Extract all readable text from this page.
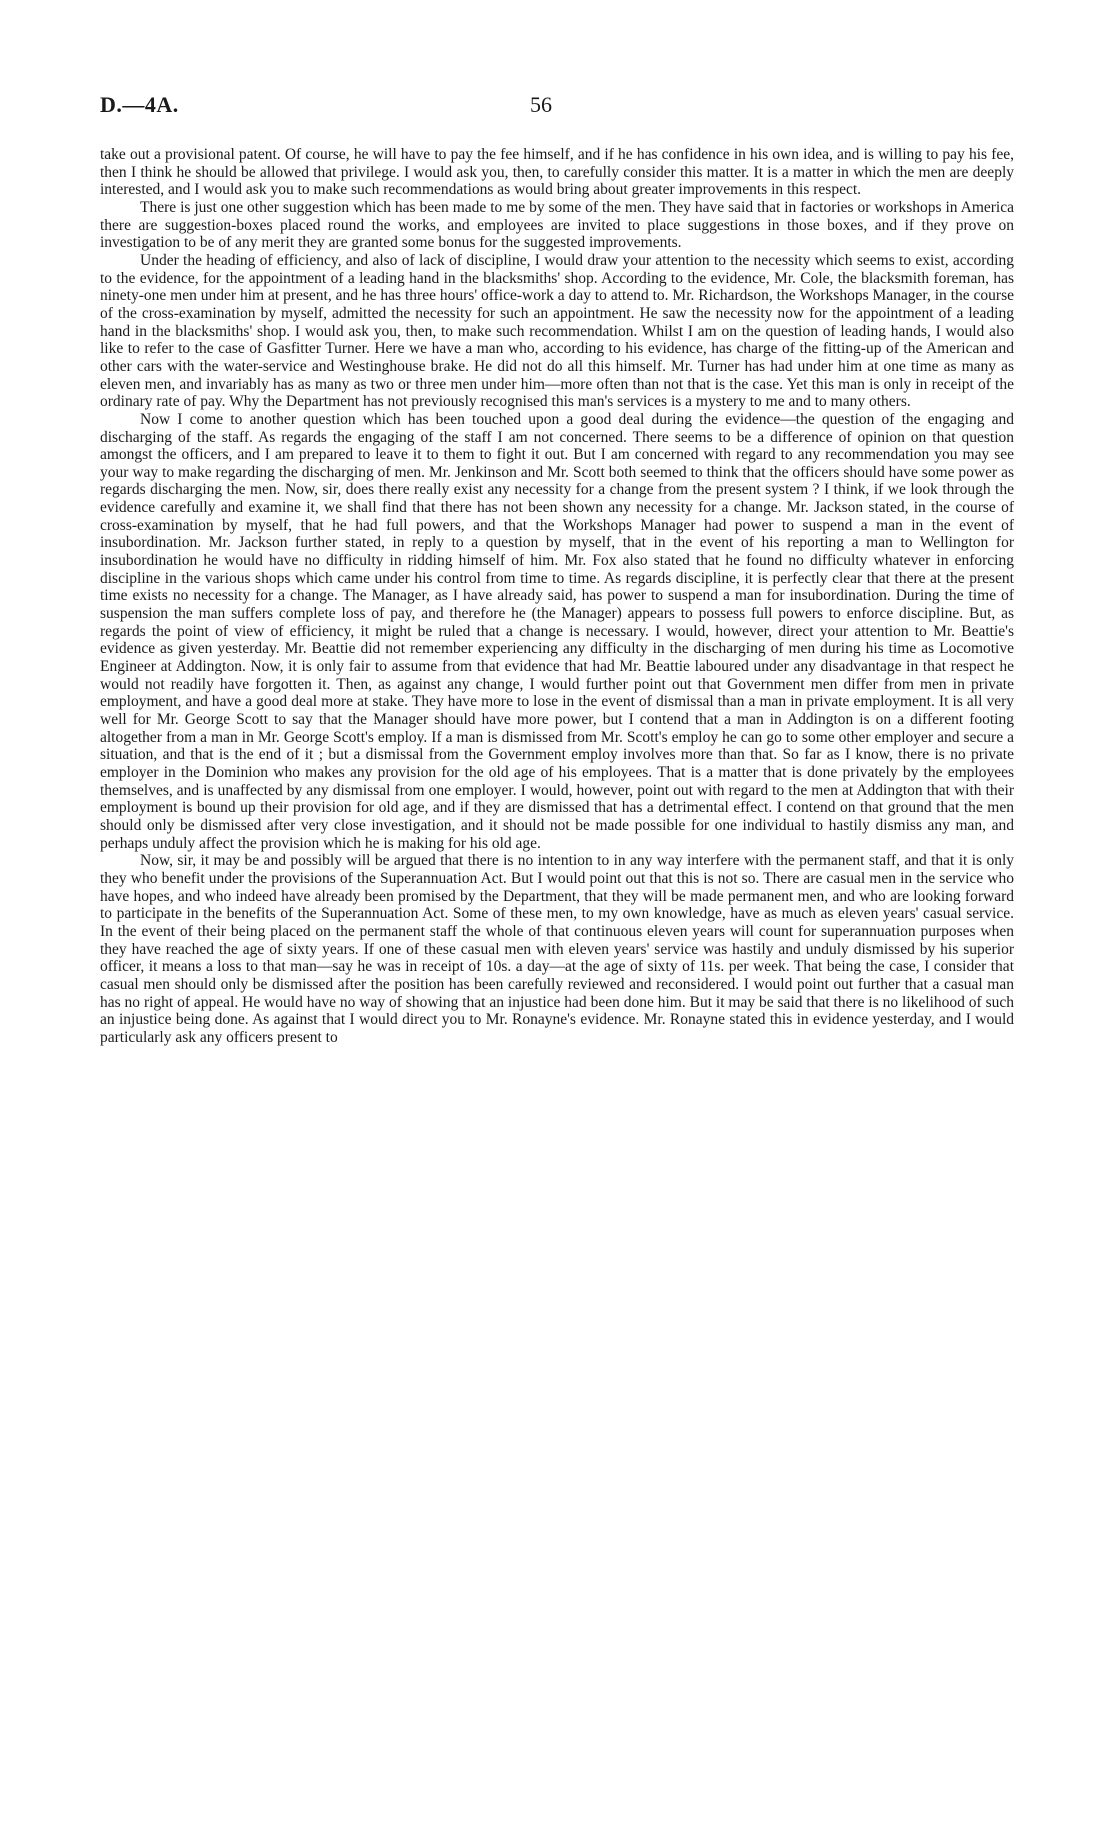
D.—4A.	56

take out a provisional patent. Of course, he will have to pay the fee himself, and if he has confidence in his own idea, and is willing to pay his fee, then I think he should be allowed that privilege. I would ask you, then, to carefully consider this matter. It is a matter in which the men are deeply interested, and I would ask you to make such recommendations as would bring about greater improvements in this respect.

There is just one other suggestion which has been made to me by some of the men. They have said that in factories or workshops in America there are suggestion-boxes placed round the works, and employees are invited to place suggestions in those boxes, and if they prove on investigation to be of any merit they are granted some bonus for the suggested improvements.

Under the heading of efficiency, and also of lack of discipline, I would draw your attention to the necessity which seems to exist, according to the evidence, for the appointment of a leading hand in the blacksmiths' shop. According to the evidence, Mr. Cole, the blacksmith foreman, has ninety-one men under him at present, and he has three hours' office-work a day to attend to. Mr. Richardson, the Workshops Manager, in the course of the cross-examination by myself, admitted the necessity for such an appointment. He saw the necessity now for the appointment of a leading hand in the blacksmiths' shop. I would ask you, then, to make such recommendation. Whilst I am on the question of leading hands, I would also like to refer to the case of Gasfitter Turner. Here we have a man who, according to his evidence, has charge of the fitting-up of the American and other cars with the water-service and Westinghouse brake. He did not do all this himself. Mr. Turner has had under him at one time as many as eleven men, and invariably has as many as two or three men under him—more often than not that is the case. Yet this man is only in receipt of the ordinary rate of pay. Why the Department has not previously recognised this man's services is a mystery to me and to many others.

Now I come to another question which has been touched upon a good deal during the evidence—the question of the engaging and discharging of the staff. As regards the engaging of the staff I am not concerned. There seems to be a difference of opinion on that question amongst the officers, and I am prepared to leave it to them to fight it out. But I am concerned with regard to any recommendation you may see your way to make regarding the discharging of men. Mr. Jenkinson and Mr. Scott both seemed to think that the officers should have some power as regards discharging the men. Now, sir, does there really exist any necessity for a change from the present system ? I think, if we look through the evidence carefully and examine it, we shall find that there has not been shown any necessity for a change. Mr. Jackson stated, in the course of cross-examination by myself, that he had full powers, and that the Workshops Manager had power to suspend a man in the event of insubordination. Mr. Jackson further stated, in reply to a question by myself, that in the event of his reporting a man to Wellington for insubordination he would have no difficulty in ridding himself of him. Mr. Fox also stated that he found no difficulty whatever in enforcing discipline in the various shops which came under his control from time to time. As regards discipline, it is perfectly clear that there at the present time exists no necessity for a change. The Manager, as I have already said, has power to suspend a man for insubordination. During the time of suspension the man suffers complete loss of pay, and therefore he (the Manager) appears to possess full powers to enforce discipline. But, as regards the point of view of efficiency, it might be ruled that a change is necessary. I would, however, direct your attention to Mr. Beattie's evidence as given yesterday. Mr. Beattie did not remember experiencing any difficulty in the discharging of men during his time as Locomotive Engineer at Addington. Now, it is only fair to assume from that evidence that had Mr. Beattie laboured under any disadvantage in that respect he would not readily have forgotten it. Then, as against any change, I would further point out that Government men differ from men in private employment, and have a good deal more at stake. They have more to lose in the event of dismissal than a man in private employment. It is all very well for Mr. George Scott to say that the Manager should have more power, but I contend that a man in Addington is on a different footing altogether from a man in Mr. George Scott's employ. If a man is dismissed from Mr. Scott's employ he can go to some other employer and secure a situation, and that is the end of it ; but a dismissal from the Government employ involves more than that. So far as I know, there is no private employer in the Dominion who makes any provision for the old age of his employees. That is a matter that is done privately by the employees themselves, and is unaffected by any dismissal from one employer. I would, however, point out with regard to the men at Addington that with their employment is bound up their provision for old age, and if they are dismissed that has a detrimental effect. I contend on that ground that the men should only be dismissed after very close investigation, and it should not be made possible for one individual to hastily dismiss any man, and perhaps unduly affect the provision which he is making for his old age.

Now, sir, it may be and possibly will be argued that there is no intention to in any way interfere with the permanent staff, and that it is only they who benefit under the provisions of the Superannuation Act. But I would point out that this is not so. There are casual men in the service who have hopes, and who indeed have already been promised by the Department, that they will be made permanent men, and who are looking forward to participate in the benefits of the Superannuation Act. Some of these men, to my own knowledge, have as much as eleven years' casual service. In the event of their being placed on the permanent staff the whole of that continuous eleven years will count for superannuation purposes when they have reached the age of sixty years. If one of these casual men with eleven years' service was hastily and unduly dismissed by his superior officer, it means a loss to that man—say he was in receipt of 10s. a day—at the age of sixty of 11s. per week. That being the case, I consider that casual men should only be dismissed after the position has been carefully reviewed and reconsidered. I would point out further that a casual man has no right of appeal. He would have no way of showing that an injustice had been done him. But it may be said that there is no likelihood of such an injustice being done. As against that I would direct you to Mr. Ronayne's evidence. Mr. Ronayne stated this in evidence yesterday, and I would particularly ask any officers present to
